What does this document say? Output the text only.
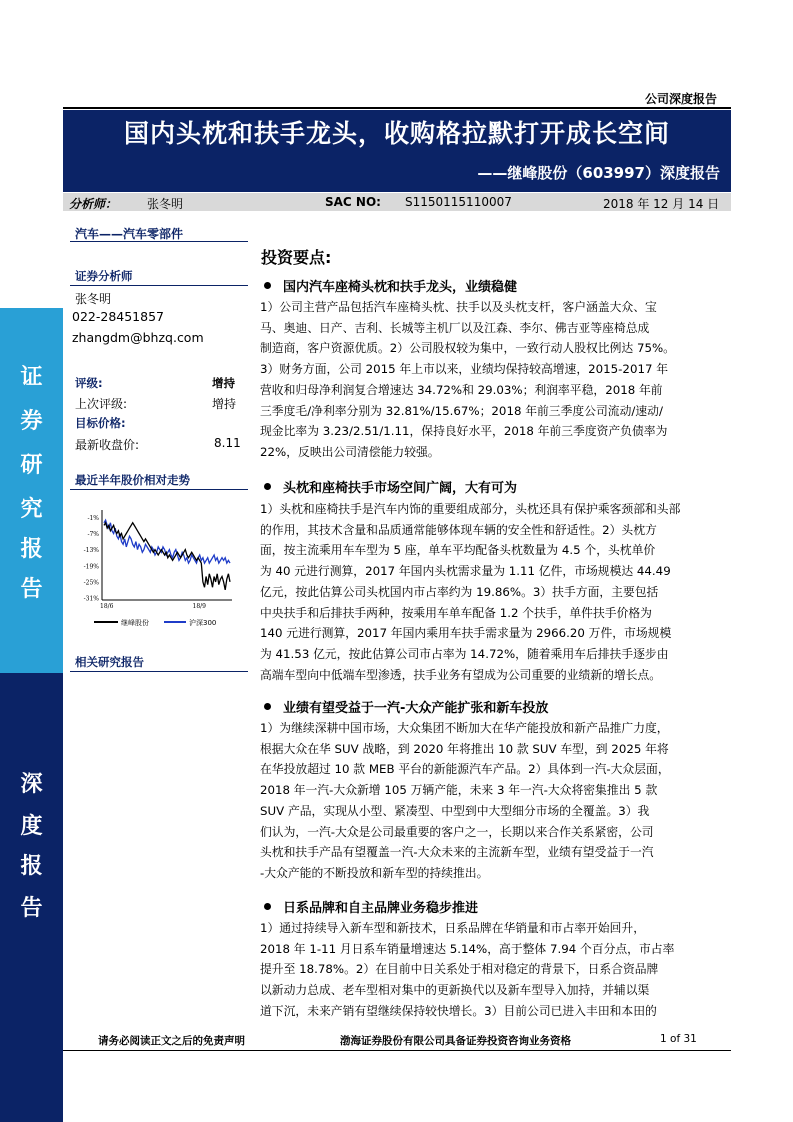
公司深度报告
国内头枕和扶手龙头，收购格拉默打开成长空间
——继峰股份（603997）深度报告
分析师： 张冬明	SAC NO: S1150115110007	2018 年 12 月 14 日
证
券
研
究
报
告
深
度
报
告
汽车——汽车零部件
证券分析师
张冬明
022-28451857
zhangdm@bhzq.com
评级:	增持
上次评级:	增持
目标价格:
最新收盘价:	8.11
最近半年股价相对走势
-1%
-7%
-13%
-19%
-25%
-31%
18/6	18/9
继峰股份	沪深300
相关研究报告
投资要点:
国内汽车座椅头枕和扶手龙头，业绩稳健
1）公司主营产品包括汽车座椅头枕、扶手以及头枕支杆，客户涵盖大众、宝
马、奥迪、日产、吉利、长城等主机厂以及江森、李尔、佛吉亚等座椅总成
制造商，客户资源优质。2）公司股权较为集中，一致行动人股权比例达 75%。
3）财务方面，公司 2015 年上市以来，业绩均保持较高增速，2015-2017 年
营收和归母净利润复合增速达 34.72%和 29.03%；利润率平稳，2018 年前
三季度毛/净利率分别为 32.81%/15.67%；2018 年前三季度公司流动/速动/
现金比率为 3.23/2.51/1.11，保持良好水平，2018 年前三季度资产负债率为
22%，反映出公司清偿能力较强。
头枕和座椅扶手市场空间广阔，大有可为
1）头枕和座椅扶手是汽车内饰的重要组成部分，头枕还具有保护乘客颈部和头部
的作用，其技术含量和品质通常能够体现车辆的安全性和舒适性。2）头枕方
面，按主流乘用车车型为 5 座，单车平均配备头枕数量为 4.5 个，头枕单价
为 40 元进行测算，2017 年国内头枕需求量为 1.11 亿件，市场规模达 44.49
亿元，按此估算公司头枕国内市占率约为 19.86%。3）扶手方面，主要包括
中央扶手和后排扶手两种，按乘用车单车配备 1.2 个扶手，单件扶手价格为
140 元进行测算，2017 年国内乘用车扶手需求量为 2966.20 万件，市场规模
为 41.53 亿元，按此估算公司市占率为 14.72%，随着乘用车后排扶手逐步由
高端车型向中低端车型渗透，扶手业务有望成为公司重要的业绩新的增长点。
业绩有望受益于一汽-大众产能扩张和新车投放
1）为继续深耕中国市场，大众集团不断加大在华产能投放和新产品推广力度，
根据大众在华 SUV 战略，到 2020 年将推出 10 款 SUV 车型，到 2025 年将
在华投放超过 10 款 MEB 平台的新能源汽车产品。2）具体到一汽-大众层面，
2018 年一汽-大众新增 105 万辆产能，未来 3 年一汽-大众将密集推出 5 款
SUV 产品，实现从小型、紧凑型、中型到中大型细分市场的全覆盖。3）我
们认为，一汽-大众是公司最重要的客户之一，长期以来合作关系紧密，公司
头枕和扶手产品有望覆盖一汽-大众未来的主流新车型，业绩有望受益于一汽
-大众产能的不断投放和新车型的持续推出。
日系品牌和自主品牌业务稳步推进
1）通过持续导入新车型和新技术，日系品牌在华销量和市占率开始回升，
2018 年 1-11 月日系车销量增速达 5.14%，高于整体 7.94 个百分点，市占率
提升至 18.78%。2）在目前中日关系处于相对稳定的背景下，日系合资品牌
以新动力总成、老车型相对集中的更新换代以及新车型导入加持，并辅以渠
道下沉，未来产销有望继续保持较快增长。3）目前公司已进入丰田和本田的
请务必阅读正文之后的免责声明	渤海证券股份有限公司具备证券投资咨询业务资格	1 of 31
